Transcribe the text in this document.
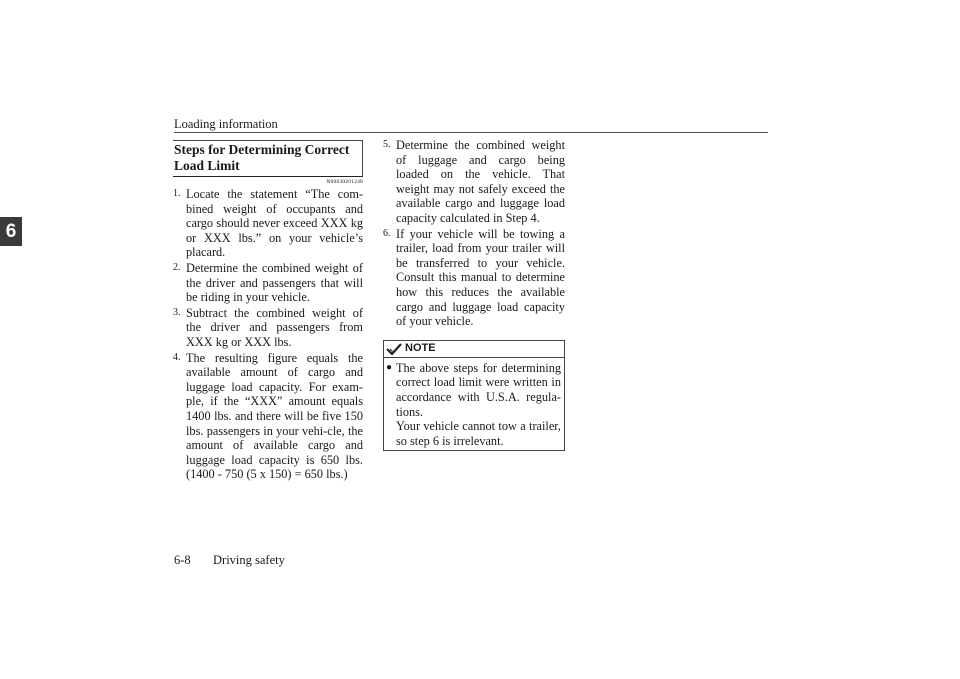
Loading information
6
Steps for Determining Correct Load Limit
N00630201248
1. Locate the statement “The com-bined weight of occupants and cargo should never exceed XXX kg or XXX lbs.” on your vehicle’s placard.
2. Determine the combined weight of the driver and passengers that will be riding in your vehicle.
3. Subtract the combined weight of the driver and passengers from XXX kg or XXX lbs.
4. The resulting figure equals the available amount of cargo and luggage load capacity. For exam-ple, if the “XXX” amount equals 1400 lbs. and there will be five 150 lbs. passengers in your vehi-cle, the amount of available cargo and luggage load capacity is 650 lbs. (1400 - 750 (5 x 150) = 650 lbs.)
5. Determine the combined weight of luggage and cargo being loaded on the vehicle. That weight may not safely exceed the available cargo and luggage load capacity calculated in Step 4.
6. If your vehicle will be towing a trailer, load from your trailer will be transferred to your vehicle. Consult this manual to determine how this reduces the available cargo and luggage load capacity of your vehicle.
NOTE
● The above steps for determining correct load limit were written in accordance with U.S.A. regula-tions.
Your vehicle cannot tow a trailer, so step 6 is irrelevant.
6-8 Driving safety
